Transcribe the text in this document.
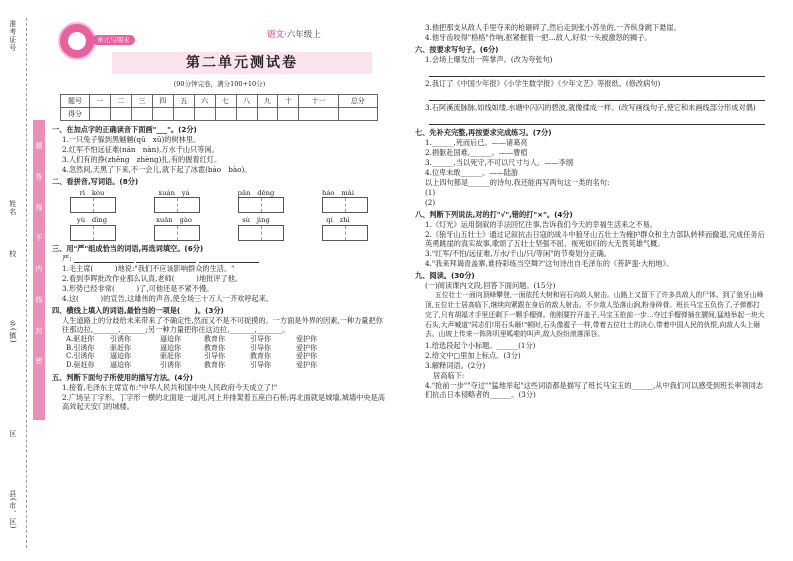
准考证号
姓名
校
乡(镇)
区
县(市、区)
题
答
得
不
内
线
封
密
单元与期末	语文·六年级上
第二单元测试卷
(90分钟完卷，满分100+10分)
题号	一	二	三	四	五	六	七	八	九	十	十一	总分
得分												
一、在加点字的正确读音下面画"___"。(2分)
1.一只兔子躲到黑魆魆(qū　xū)的树林里。
2.红军不怕远征难(nán　nàn),万水千山只等闲。
3.人们有的挣(zhēng　zhèng)扎,有的握着红灯。
4.忽然间,天黑了下来,不一会儿,就下起了冰雹(báo　bào)。
二、看拼音,写词语。(8分)
rì　kòu	xuán　yá	pān　dēng	háo　mài
yù　dìng	xuān　gào	sù　jìng	qí　zhì
三、用"严"组成恰当的词语,再选词填空。(6分)
严:
1.毛主席(　　　)地说:"我们不应该影响群众的生活。"
2.看到李晖批改作业那么认真,老师(　　　)地批评了他。
3.形势已经非常(　　　)了,可他还是不紧不慢。
4.这(　　　)的宣告,这雄伟的声音,使全场三十万人一齐欢呼起来。
四、横线上填入的词语,最恰当的一项是(　　)。(3分)
人生道路上的分歧给未来带来了不确定性,然而又不是不可捉摸的。一方面是外界的因素,一种力量把你往那边拉,_______,_______;另一种力量把你往这边拉,_______,_______。
A.驱赶你	引诱你	逼迫你	教育你	引导你	爱护你
B.引诱你	驱赶你	逼迫你	教育你	引导你	爱护你
C.引诱你	逼迫你	驱赶你	引导你	教育你	爱护你
D.驱赶你	逼迫你	引诱你	教育你	引导你	爱护你
五、判断下面句子所使用的描写方法。(4分)
1.接着,毛泽东主席宣布:"中华人民共和国中央人民政府今天成立了!"
2.广场呈丁字形。丁字形一横的北面是一道河,河上并排架着五座白石桥;再北面就是城墙,城墙中央是高高耸起天安门的城楼。
3.他把那支从敌人手里夺来的枪砸碎了,然后走到张小苏坐的,一齐纵身跳下悬崖。
4.他牙齿咬得"格格"作响,抠紧握着一把…敌人,好似一头被激怒的狮子。
六、按要求写句子。(6分)
1.会场上爆发出一阵掌声。(改为夸张句)
2.我订了《中国少年报》《小学生数学报》《少年文艺》等报纸。(修改病句)
3.石阿溪流脉脉,如线如缕,水塘中闪闪的碧波,就像揉成一样。(改写画线句子,使它和未画线部分形成对偶)
七、先补充完整,再按要求完成练习。(7分)
1.______,死而后已。——诸葛亮
2.捐躯赴国难,______。——曹植
3.______,当以死守,不可以尺寸与人。——李纲
4.位卑未敢______。——陆游
以上四句都是______的诗句,我还能再写两句这一类的名句:
(1)
(2)
八、判断下列说法,对的打"√",错的打"×"。(4分)
1.《灯光》运用倒叙的手法回忆往事,告诉我们今天的幸福生活来之不易。
2.《狼牙山五壮士》通过记叙抗击日寇的战斗中狼牙山五壮士为掩护群众和主力部队转移而撤退,完成任务后英勇跳崖的真实故事,歌颂了五壮士坚强不屈、视死如归的大无畏英雄气概。
3."红军/不怕/远征难,万水/千山/只/等闲"的节奏划分正确。
4."我来拜谒青盖寨,谁持彩练当空舞?"这句诗出自毛泽东的《菩萨蛮·大柏地》。
九、阅读。(30分)
(一)阅读课内文段,回答下面问题。(15分)
五位壮士一面向顶峰攀登,一面依托大树和岩石向敌人射击。山路上又留下了许多具敌人的尸体。到了狼牙山峰顶,五位壮士居高临下,继续向紧跟在身后的敌人射击。不少敌人坠落山涧,粉身碎骨。班长马宝玉负伤了,子弹都打完了,只有胡福才手里还剩下一颗手榴弹。他刚要拧开盖子,马宝玉抢前一步…夺过手榴弹插在腰间,猛地举起一块大石头,大声喊道"同志们!用石头砸!"顿时,石头像雹子一样,带着五位壮士的决心,带着中国人民的仇恨,向敌人头上砸去。山坡上传来一阵阵叽里呱啦的叫声,敌人纷纷滚落深谷。
1.给选段起个小标题。______(1分)
2.给文中□里加上标点。(3分)
3.解释词语。(2分)
居高临下:
4."抢前一步""夺过""猛地举起"这些词语都是描写了班长马宝玉的______,从中我们可以感受到班长率领同志们抗击日本侵略者的______。(3分)
